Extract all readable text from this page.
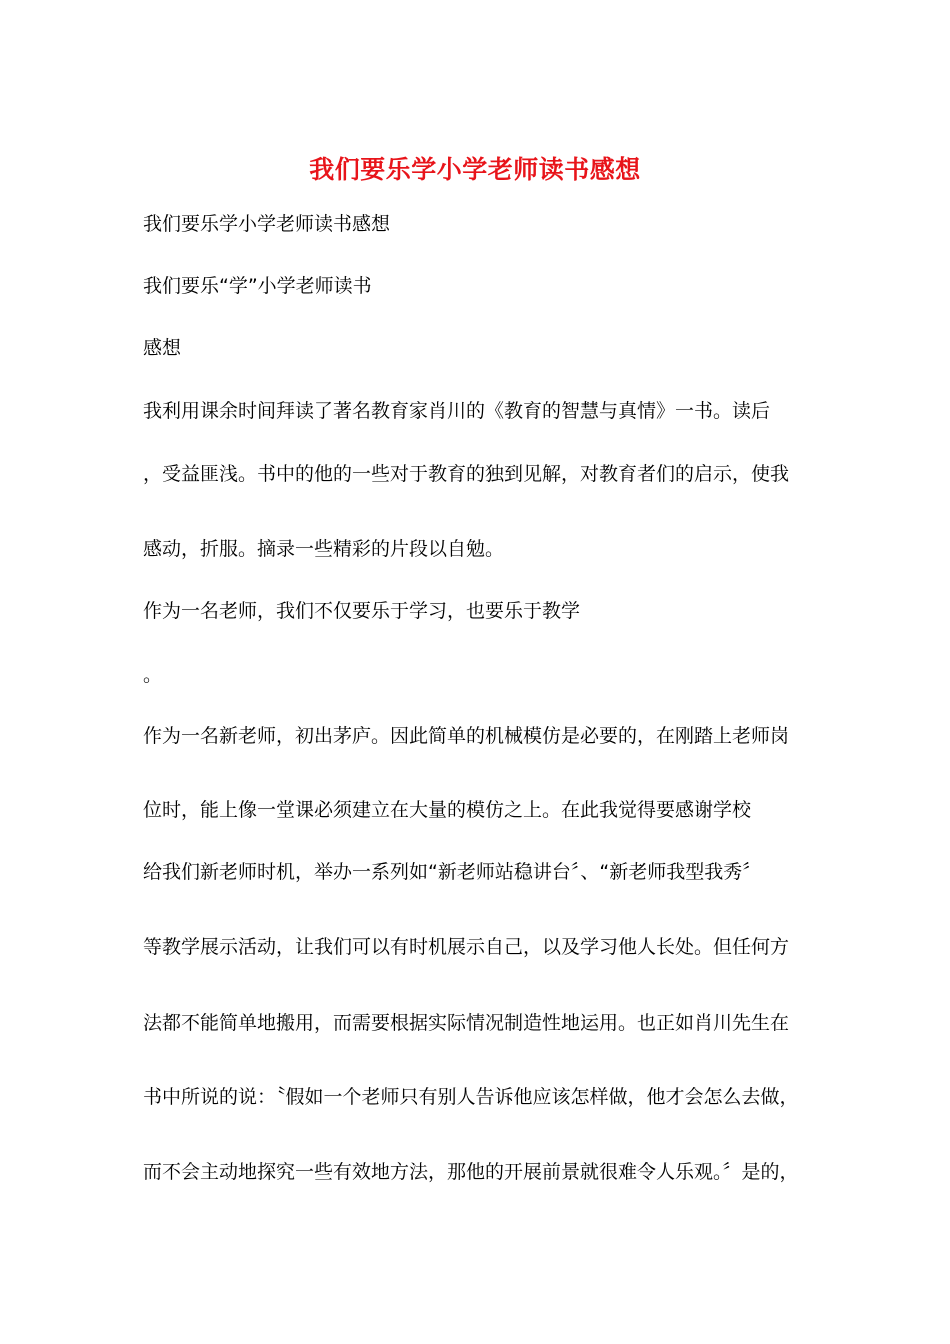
我们要乐学小学老师读书感想
我们要乐学小学老师读书感想
我们要乐“学”小学老师读书
感想
我利用课余时间拜读了著名教育家肖川的《教育的智慧与真情》一书。读后
，受益匪浅。书中的他的一些对于教育的独到见解，对教育者们的启示，使我
感动，折服。摘录一些精彩的片段以自勉。
作为一名老师，我们不仅要乐于学习，也要乐于教学
。
作为一名新老师，初出茅庐。因此简单的机械模仿是必要的，在刚踏上老师岗
位时，能上像一堂课必须建立在大量的模仿之上。在此我觉得要感谢学校
给我们新老师时机，举办一系列如“新老师站稳讲台〞、“新老师我型我秀〞
等教学展示活动，让我们可以有时机展示自己，以及学习他人长处。但任何方
法都不能简单地搬用，而需要根据实际情况制造性地运用。也正如肖川先生在
书中所说的说：〝假如一个老师只有别人告诉他应该怎样做，他才会怎么去做，
而不会主动地探究一些有效地方法，那他的开展前景就很难令人乐观。〞是的，
